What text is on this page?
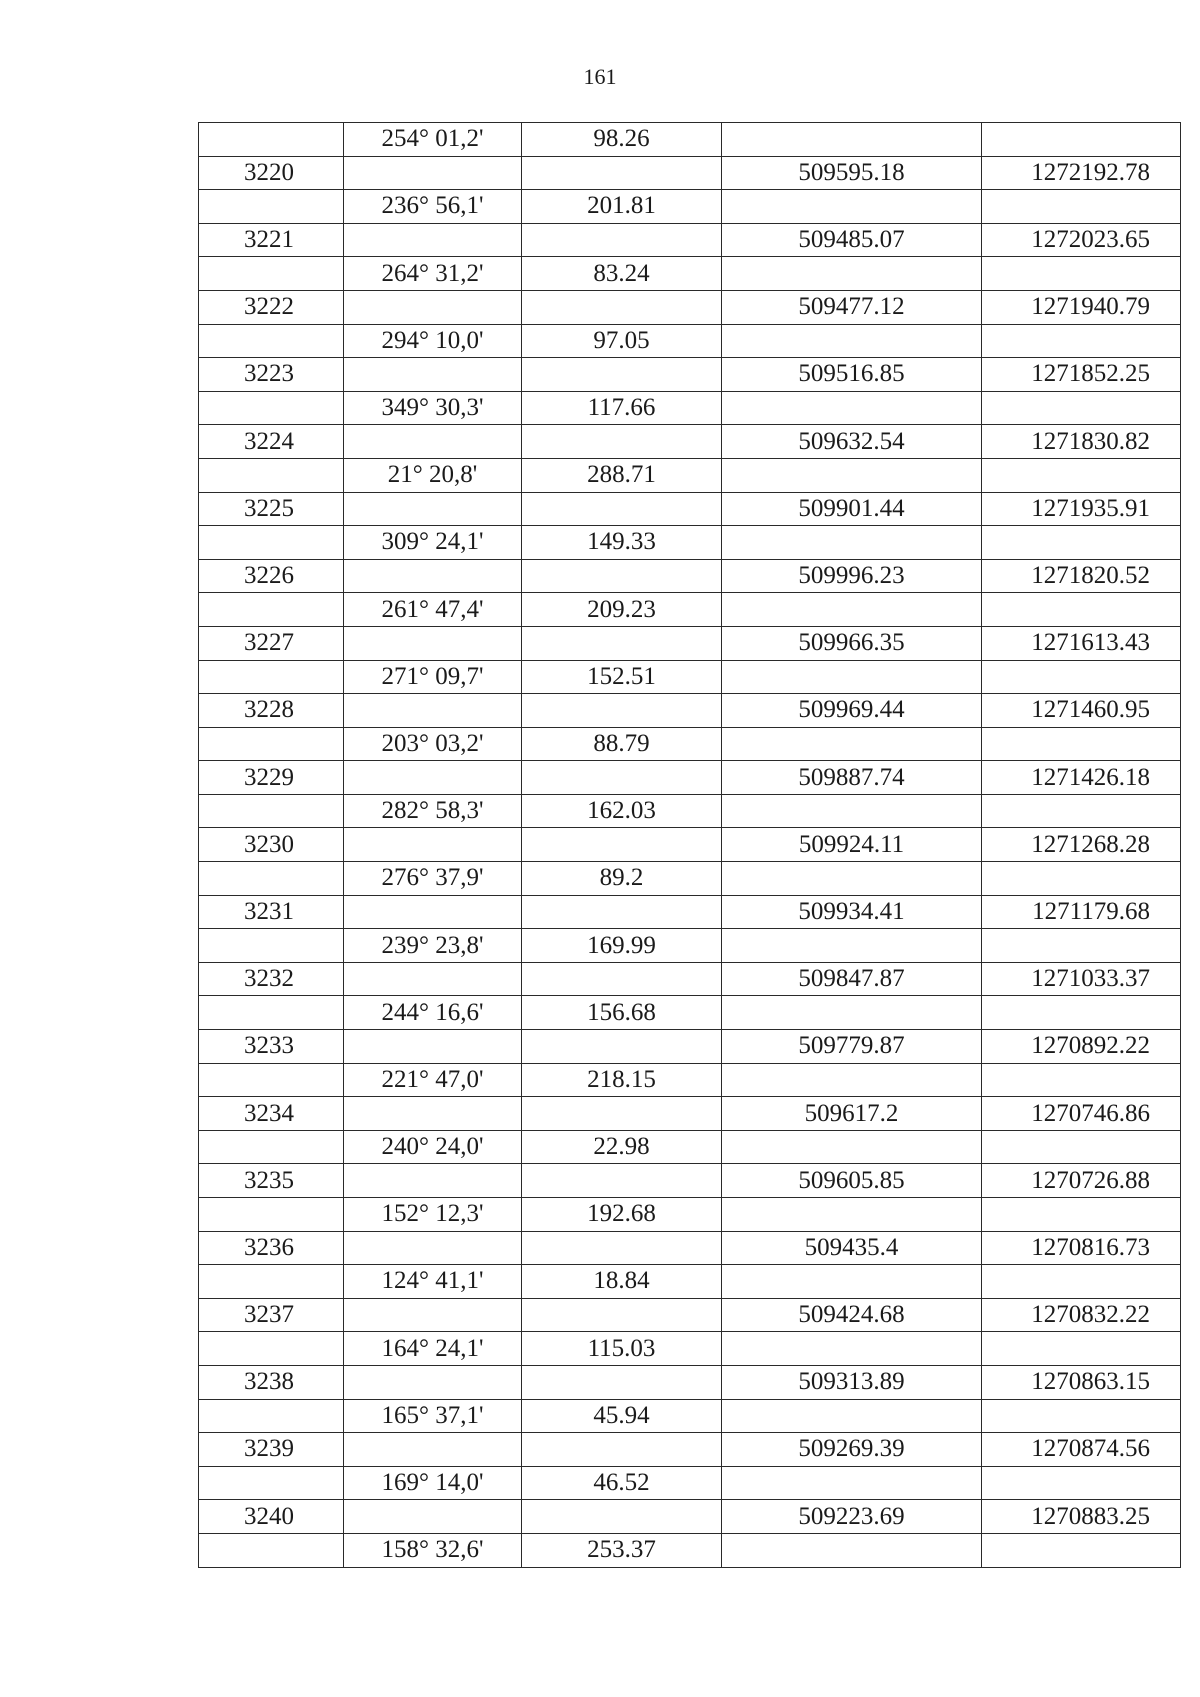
161
	254° 01,2'	98.26		
3220			509595.18	1272192.78
	236° 56,1'	201.81		
3221			509485.07	1272023.65
	264° 31,2'	83.24		
3222			509477.12	1271940.79
	294° 10,0'	97.05		
3223			509516.85	1271852.25
	349° 30,3'	117.66		
3224			509632.54	1271830.82
	21° 20,8'	288.71		
3225			509901.44	1271935.91
	309° 24,1'	149.33		
3226			509996.23	1271820.52
	261° 47,4'	209.23		
3227			509966.35	1271613.43
	271° 09,7'	152.51		
3228			509969.44	1271460.95
	203° 03,2'	88.79		
3229			509887.74	1271426.18
	282° 58,3'	162.03		
3230			509924.11	1271268.28
	276° 37,9'	89.2		
3231			509934.41	1271179.68
	239° 23,8'	169.99		
3232			509847.87	1271033.37
	244° 16,6'	156.68		
3233			509779.87	1270892.22
	221° 47,0'	218.15		
3234			509617.2	1270746.86
	240° 24,0'	22.98		
3235			509605.85	1270726.88
	152° 12,3'	192.68		
3236			509435.4	1270816.73
	124° 41,1'	18.84		
3237			509424.68	1270832.22
	164° 24,1'	115.03		
3238			509313.89	1270863.15
	165° 37,1'	45.94		
3239			509269.39	1270874.56
	169° 14,0'	46.52		
3240			509223.69	1270883.25
	158° 32,6'	253.37		
